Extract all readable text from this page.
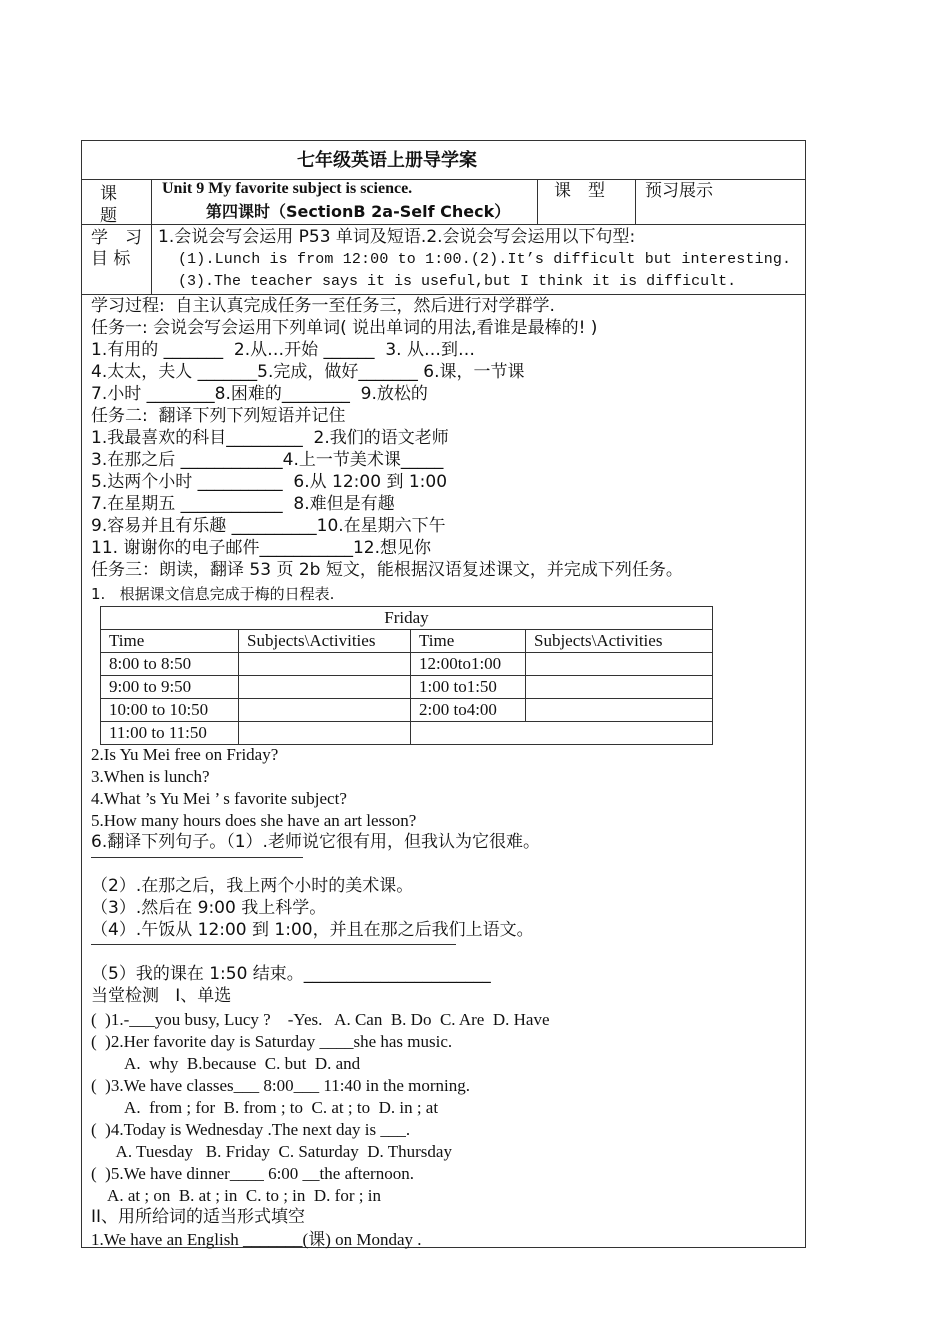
七年级英语上册导学案
课
题
Unit 9 My favorite subject is science.
第四课时（SectionB 2a-Self Check）
课　型 预习展示
学　习
目 标
1.会说会写会运用 P53 单词及短语.2.会说会写会运用以下句型:
(1).Lunch is from 12:00 to 1:00.(2).It’s difficult but interesting.
(3).The teacher says it is useful,but I think it is difficult.
学习过程:  自主认真完成任务一至任务三，然后进行对学群学.
任务一: 会说会写会运用下列单词( 说出单词的用法,看谁是最棒的! )
1.有用的 _______  2.从…开始 ______  3. 从…到…
4.太太，夫人 _______5.完成，做好_______ 6.课，一节课
7.小时 ________8.困难的________  9.放松的
任务二:  翻译下列下列短语并记住
1.我最喜欢的科目_________  2.我们的语文老师
3.在那之后 ____________4.上一节美术课_____
5.达两个小时 __________  6.从 12:00 到 1:00
7.在星期五 ____________  8.难但是有趣
9.容易并且有乐趣 __________10.在星期六下午
11. 谢谢你的电子邮件___________12.想见你
任务三：朗读，翻译 53 页 2b 短文，能根据汉语复述课文，并完成下列任务。
1.   根据课文信息完成于梅的日程表.
Friday			
Time	Subjects\Activities	Time	Subjects\Activities
8:00 to 8:50		12:00to1:00	
9:00 to 9:50		1:00 to1:50	
10:00 to 10:50		2:00 to4:00	
11:00 to 11:50			
2.Is Yu Mei free on Friday?
3.When is lunch?
4.What ’s Yu Mei ’ s favorite subject?
5.How many hours does she have an art lesson?
6.翻译下列句子。（1）.老师说它很有用，但我认为它很难。
（2）.在那之后，我上两个小时的美术课。
（3）.然后在 9:00 我上科学。
（4）.午饭从 12:00 到 1:00，并且在那之后我们上语文。
（5）我的课在 1:50 结束。______________________
当堂检测   I、单选
(  )1.-___you busy, Lucy ?    -Yes.   A. Can  B. Do  C. Are  D. Have
(  )2.Her favorite day is Saturday ____she has music.
A.  why  B.because  C. but  D. and
(  )3.We have classes___ 8:00___ 11:40 in the morning.
A.  from ; for  B. from ; to  C. at ; to  D. in ; at
(  )4.Today is Wednesday .The next day is ___.
A. Tuesday   B. Friday  C. Saturday  D. Thursday
(  )5.We have dinner____ 6:00 __the afternoon.
A. at ; on  B. at ; in  C. to ; in  D. for ; in
II、用所给词的适当形式填空
1.We have an English _______(课) on Monday .
